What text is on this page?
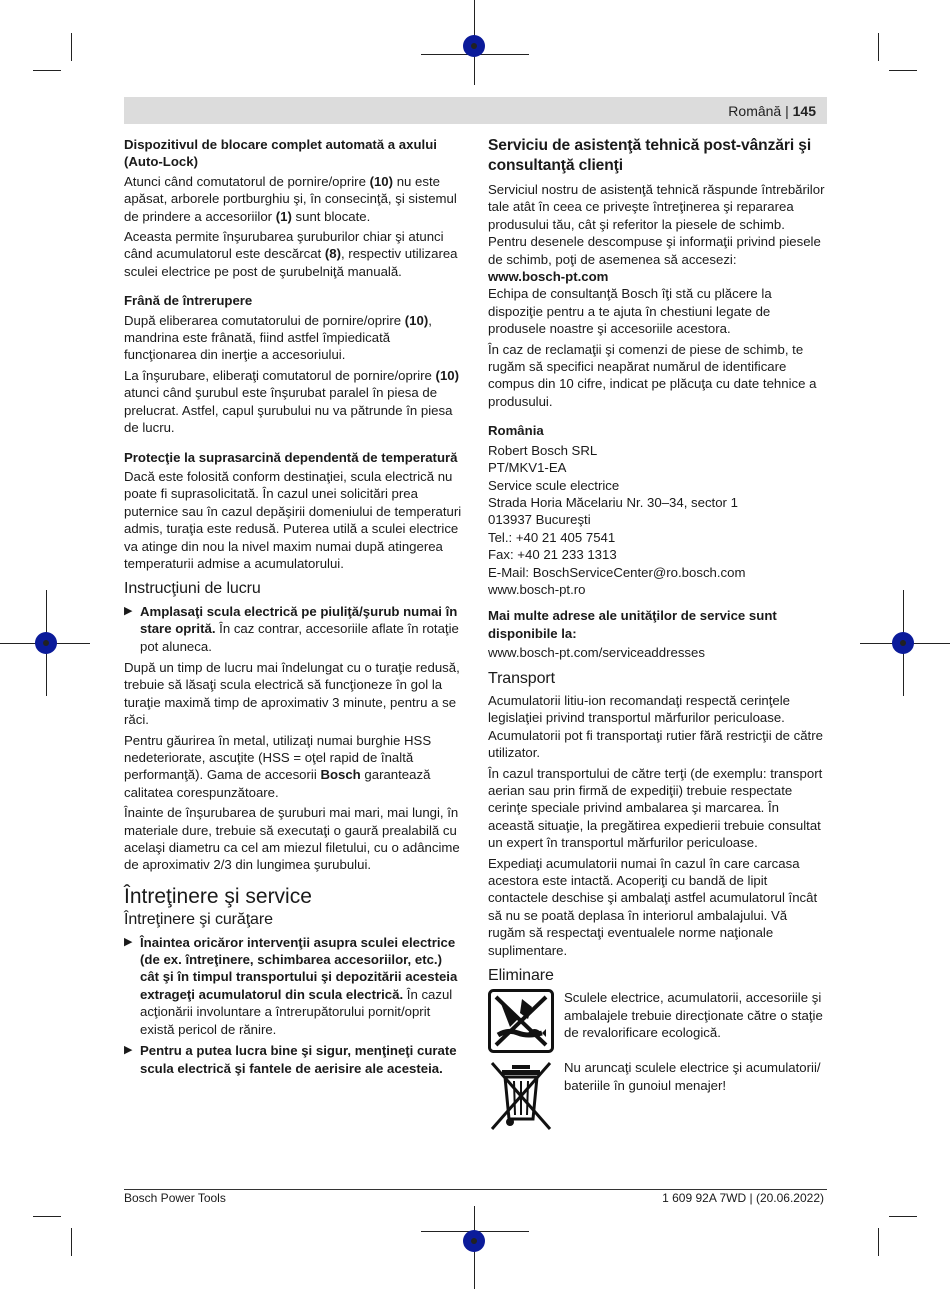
Română | 145
Dispozitivul de blocare complet automată a axului (Auto-Lock)

Atunci când comutatorul de pornire/oprire (10) nu este apăsat, arborele portburghiu şi, în consecinţă, şi sistemul de prindere a accesoriilor (1) sunt blocate.

Aceasta permite înşurubarea şuruburilor chiar şi atunci când acumulatorul este descărcat (8), respectiv utilizarea sculei electrice pe post de şurubelniţă manuală.

Frână de întrerupere

După eliberarea comutatorului de pornire/oprire (10), mandrina este frânată, fiind astfel împiedicată funcţionarea din inerţie a accesoriului.

La înşurubare, eliberaţi comutatorul de pornire/oprire (10) atunci când şurubul este înşurubat paralel în piesa de prelucrat. Astfel, capul şurubului nu va pătrunde în piesa de lucru.

Protecţie la suprasarcină dependentă de temperatură

Dacă este folosită conform destinaţiei, scula electrică nu poate fi suprasolicitată. În cazul unei solicitări prea puternice sau în cazul depăşirii domeniului de temperaturi admis, turaţia este redusă. Puterea utilă a sculei electrice va atinge din nou la nivel maxim numai după atingerea temperaturii admise a acumulatorului.

Instrucţiuni de lucru
▶ Amplasaţi scula electrică pe piuliţă/şurub numai în stare oprită. În caz contrar, accesoriile aflate în rotaţie pot aluneca.

După un timp de lucru mai îndelungat cu o turaţie redusă, trebuie să lăsaţi scula electrică să funcţioneze în gol la turaţie maximă timp de aproximativ 3 minute, pentru a se răci.

Pentru găurirea în metal, utilizaţi numai burghie HSS nedeteriorate, ascuţite (HSS = oţel rapid de înaltă performanţă). Gama de accesorii Bosch garantează calitatea corespunzătoare.

Înainte de înşurubarea de şuruburi mai mari, mai lungi, în materiale dure, trebuie să executaţi o gaură prealabilă cu acelaşi diametru ca cel am miezul filetului, cu o adâncime de aproximativ 2/3 din lungimea şurubului.

Întreţinere şi service
Întreţinere şi curăţare
▶ Înaintea oricăror intervenţii asupra sculei electrice (de ex. întreţinere, schimbarea accesoriilor, etc.) cât şi în timpul transportului şi depozitării acesteia extrageţi acumulatorul din scula electrică. În cazul acţionării involuntare a întrerupătorului pornit/oprit există pericol de rănire.
▶ Pentru a putea lucra bine şi sigur, menţineţi curate scula electrică şi fantele de aerisire ale acesteia.
Serviciu de asistenţă tehnică post-vânzări şi consultanţă clienţi

Serviciul nostru de asistenţă tehnică răspunde întrebărilor tale atât în ceea ce priveşte întreţinerea şi repararea produsului tău, cât şi referitor la piesele de schimb. Pentru desenele descompuse şi informaţii privind piesele de schimb, poţi de asemenea să accesezi:

www.bosch-pt.com

Echipa de consultanţă Bosch îţi stă cu plăcere la dispoziţie pentru a te ajuta în chestiuni legate de produsele noastre şi accesoriile acestora.

În caz de reclamaţii şi comenzi de piese de schimb, te rugăm să specifici neapărat numărul de identificare compus din 10 cifre, indicat pe plăcuţa cu date tehnice a produsului.

România
Robert Bosch SRL
PT/MKV1-EA
Service scule electrice
Strada Horia Măcelariu Nr. 30–34, sector 1
013937 Bucureşti
Tel.: +40 21 405 7541
Fax: +40 21 233 1313
E-Mail: BoschServiceCenter@ro.bosch.com
www.bosch-pt.ro
Mai multe adrese ale unităţilor de service sunt disponibile la:

www.bosch-pt.com/serviceaddresses

Transport

Acumulatorii litiu-ion recomandaţi respectă cerinţele legislaţiei privind transportul mărfurilor periculoase. Acumulatorii pot fi transportaţi rutier fără restricţii de către utilizator.

În cazul transportului de către terţi (de exemplu: transport aerian sau prin firmă de expediţii) trebuie respectate cerinţe speciale privind ambalarea şi marcarea. În această situaţie, la pregătirea expedierii trebuie consultat un expert în transportul mărfurilor periculoase.

Expediaţi acumulatorii numai în cazul în care carcasa acestora este intactă. Acoperiţi cu bandă de lipit contactele deschise şi ambalaţi astfel acumulatorul încât să nu se poată deplasa în interiorul ambalajului. Vă rugăm să respectaţi eventualele norme naţionale suplimentare.

Eliminare

Sculele electrice, acumulatorii, accesoriile şi ambalajele trebuie direcţionate către o staţie de revalorificare ecologică.

Nu aruncaţi sculele electrice şi acumulatorii/ bateriile în gunoiul menajer!

Bosch Power Tools	1 609 92A 7WD | (20.06.2022)
